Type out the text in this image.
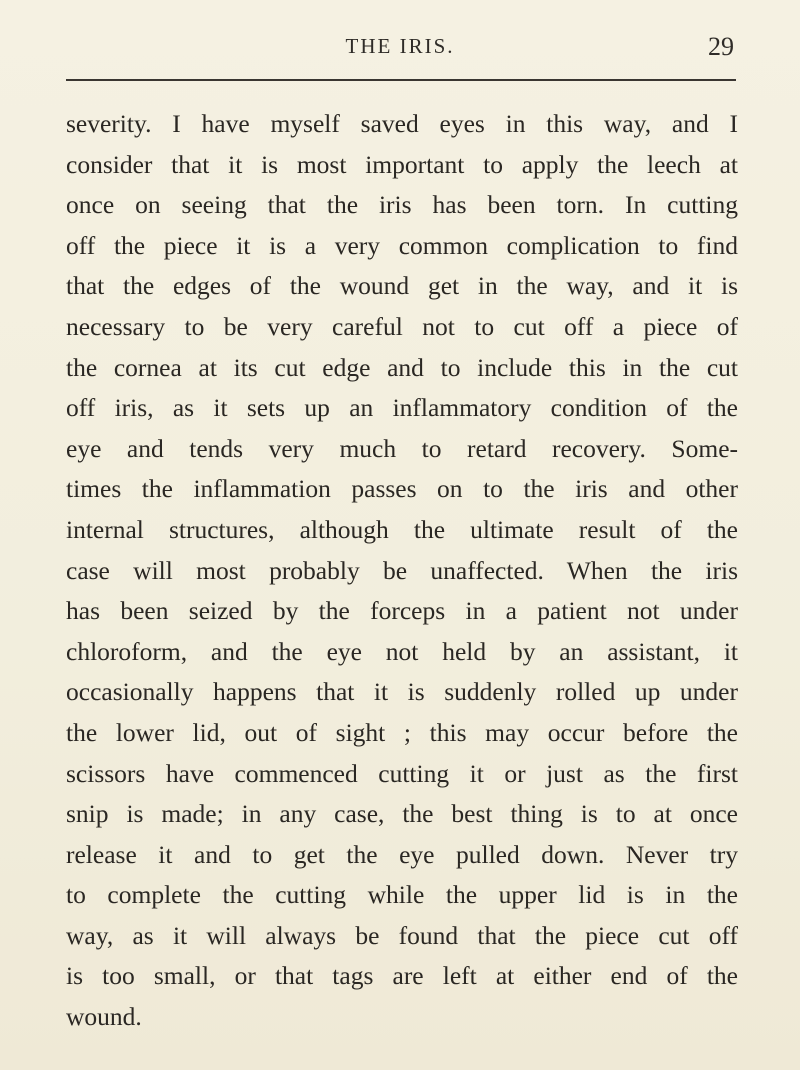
THE IRIS.	29
severity. I have myself saved eyes in this way, and I
consider that it is most important to apply the leech at
once on seeing that the iris has been torn. In cutting
off the piece it is a very common complication to find
that the edges of the wound get in the way, and it is
necessary to be very careful not to cut off a piece of
the cornea at its cut edge and to include this in the cut
off iris, as it sets up an inflammatory condition of the
eye and tends very much to retard recovery. Some-
times the inflammation passes on to the iris and other
internal structures, although the ultimate result of the
case will most probably be unaffected. When the iris
has been seized by the forceps in a patient not under
chloroform, and the eye not held by an assistant, it
occasionally happens that it is suddenly rolled up under
the lower lid, out of sight ; this may occur before the
scissors have commenced cutting it or just as the first
snip is made; in any case, the best thing is to at once
release it and to get the eye pulled down. Never try
to complete the cutting while the upper lid is in the
way, as it will always be found that the piece cut off
is too small, or that tags are left at either end of the
wound.
